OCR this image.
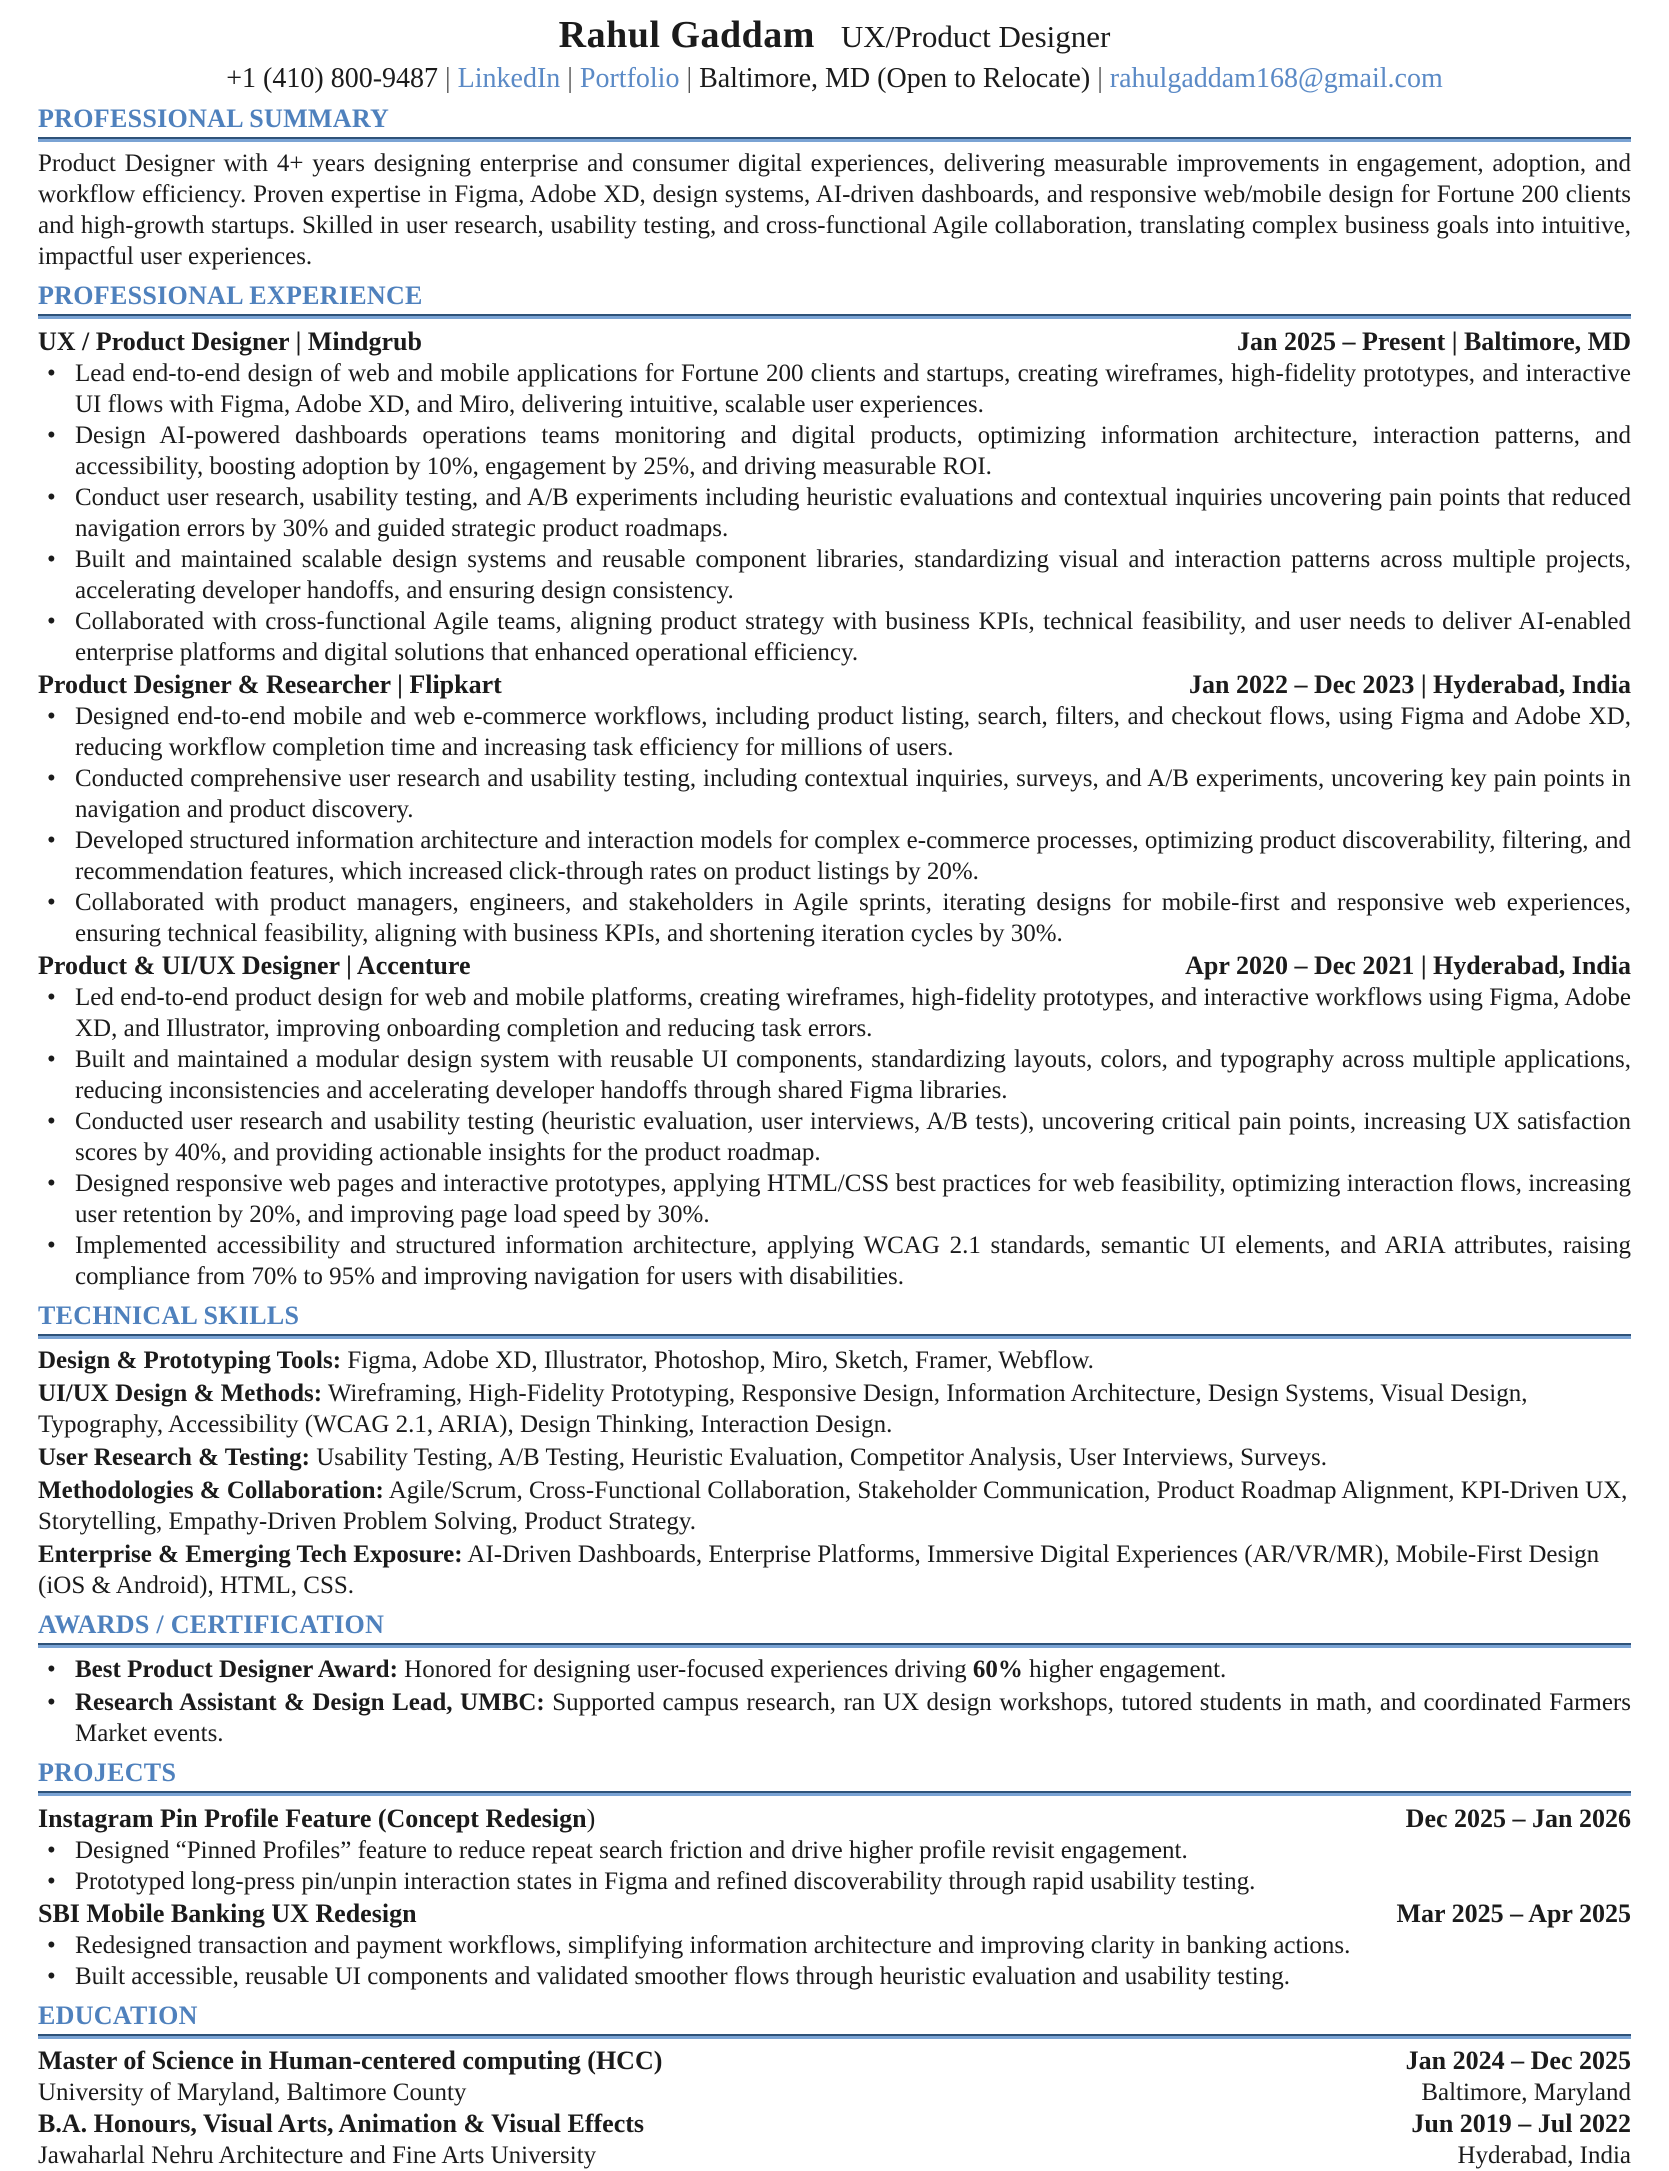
Rahul Gaddam UX/Product Designer
+1 (410) 800-9487 | LinkedIn | Portfolio | Baltimore, MD (Open to Relocate) | rahulgaddam168@gmail.com
PROFESSIONAL SUMMARY

Product Designer with 4+ years designing enterprise and consumer digital experiences, delivering measurable improvements in engagement, adoption, and workflow efficiency. Proven expertise in Figma, Adobe XD, design systems, AI-driven dashboards, and responsive web/mobile design for Fortune 200 clients and high-growth startups. Skilled in user research, usability testing, and cross-functional Agile collaboration, translating complex business goals into intuitive, impactful user experiences.

PROFESSIONAL EXPERIENCE
UX / Product Designer | Mindgrub	Jan 2025 – Present | Baltimore, MD
• Lead end-to-end design of web and mobile applications for Fortune 200 clients and startups, creating wireframes, high-fidelity prototypes, and interactive UI flows with Figma, Adobe XD, and Miro, delivering intuitive, scalable user experiences.
• Design AI-powered dashboards operations teams monitoring and digital products, optimizing information architecture, interaction patterns, and accessibility, boosting adoption by 10%, engagement by 25%, and driving measurable ROI.
• Conduct user research, usability testing, and A/B experiments including heuristic evaluations and contextual inquiries uncovering pain points that reduced navigation errors by 30% and guided strategic product roadmaps.
• Built and maintained scalable design systems and reusable component libraries, standardizing visual and interaction patterns across multiple projects, accelerating developer handoffs, and ensuring design consistency.
• Collaborated with cross-functional Agile teams, aligning product strategy with business KPIs, technical feasibility, and user needs to deliver AI-enabled enterprise platforms and digital solutions that enhanced operational efficiency.
Product Designer & Researcher | Flipkart	Jan 2022 – Dec 2023 | Hyderabad, India
• Designed end-to-end mobile and web e-commerce workflows, including product listing, search, filters, and checkout flows, using Figma and Adobe XD, reducing workflow completion time and increasing task efficiency for millions of users.
• Conducted comprehensive user research and usability testing, including contextual inquiries, surveys, and A/B experiments, uncovering key pain points in navigation and product discovery.
• Developed structured information architecture and interaction models for complex e-commerce processes, optimizing product discoverability, filtering, and recommendation features, which increased click-through rates on product listings by 20%.
• Collaborated with product managers, engineers, and stakeholders in Agile sprints, iterating designs for mobile-first and responsive web experiences, ensuring technical feasibility, aligning with business KPIs, and shortening iteration cycles by 30%.
Product & UI/UX Designer | Accenture	Apr 2020 – Dec 2021 | Hyderabad, India
• Led end-to-end product design for web and mobile platforms, creating wireframes, high-fidelity prototypes, and interactive workflows using Figma, Adobe XD, and Illustrator, improving onboarding completion and reducing task errors.
• Built and maintained a modular design system with reusable UI components, standardizing layouts, colors, and typography across multiple applications, reducing inconsistencies and accelerating developer handoffs through shared Figma libraries.
• Conducted user research and usability testing (heuristic evaluation, user interviews, A/B tests), uncovering critical pain points, increasing UX satisfaction scores by 40%, and providing actionable insights for the product roadmap.
• Designed responsive web pages and interactive prototypes, applying HTML/CSS best practices for web feasibility, optimizing interaction flows, increasing user retention by 20%, and improving page load speed by 30%.
• Implemented accessibility and structured information architecture, applying WCAG 2.1 standards, semantic UI elements, and ARIA attributes, raising compliance from 70% to 95% and improving navigation for users with disabilities.
TECHNICAL SKILLS

Design & Prototyping Tools: Figma, Adobe XD, Illustrator, Photoshop, Miro, Sketch, Framer, Webflow.

UI/UX Design & Methods: Wireframing, High-Fidelity Prototyping, Responsive Design, Information Architecture, Design Systems, Visual Design, Typography, Accessibility (WCAG 2.1, ARIA), Design Thinking, Interaction Design.

User Research & Testing: Usability Testing, A/B Testing, Heuristic Evaluation, Competitor Analysis, User Interviews, Surveys.

Methodologies & Collaboration: Agile/Scrum, Cross-Functional Collaboration, Stakeholder Communication, Product Roadmap Alignment, KPI-Driven UX, Storytelling, Empathy-Driven Problem Solving, Product Strategy.

Enterprise & Emerging Tech Exposure: AI-Driven Dashboards, Enterprise Platforms, Immersive Digital Experiences (AR/VR/MR), Mobile-First Design (iOS & Android), HTML, CSS.

AWARDS / CERTIFICATION
• Best Product Designer Award: Honored for designing user-focused experiences driving 60% higher engagement.
• Research Assistant & Design Lead, UMBC: Supported campus research, ran UX design workshops, tutored students in math, and coordinated Farmers Market events.
PROJECTS
Instagram Pin Profile Feature (Concept Redesign)	Dec 2025 – Jan 2026
• Designed “Pinned Profiles” feature to reduce repeat search friction and drive higher profile revisit engagement.
• Prototyped long-press pin/unpin interaction states in Figma and refined discoverability through rapid usability testing.
SBI Mobile Banking UX Redesign	Mar 2025 – Apr 2025
• Redesigned transaction and payment workflows, simplifying information architecture and improving clarity in banking actions.
• Built accessible, reusable UI components and validated smoother flows through heuristic evaluation and usability testing.
EDUCATION
Master of Science in Human-centered computing (HCC)	Jan 2024 – Dec 2025
University of Maryland, Baltimore County	Baltimore, Maryland
B.A. Honours, Visual Arts, Animation & Visual Effects	Jun 2019 – Jul 2022
Jawaharlal Nehru Architecture and Fine Arts University	Hyderabad, India
